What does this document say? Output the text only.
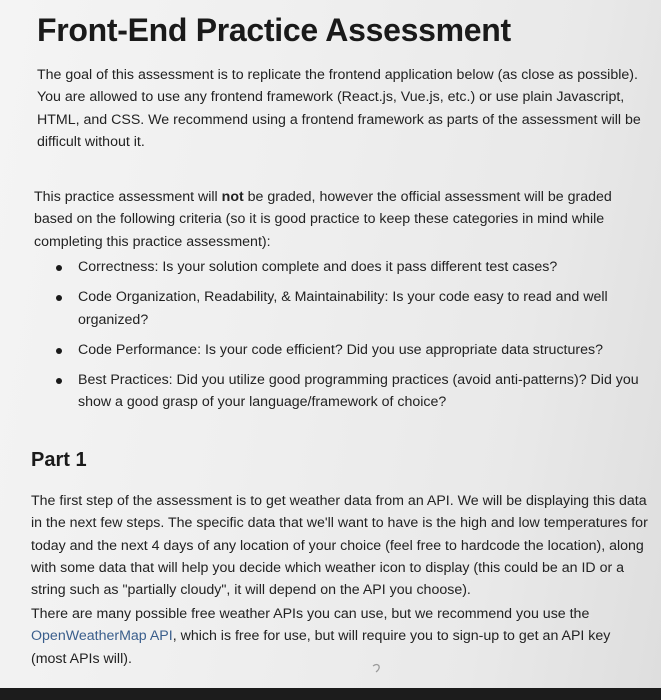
Front-End Practice Assessment

The goal of this assessment is to replicate the frontend application below (as close as possible). You are allowed to use any frontend framework (React.js, Vue.js, etc.) or use plain Javascript, HTML, and CSS. We recommend using a frontend framework as parts of the assessment will be difficult without it.

This practice assessment will not be graded, however the official assessment will be graded based on the following criteria (so it is good practice to keep these categories in mind while completing this practice assessment):

Correctness: Is your solution complete and does it pass different test cases?
Code Organization, Readability, & Maintainability: Is your code easy to read and well organized?
Code Performance: Is your code efficient? Did you use appropriate data structures?
Best Practices: Did you utilize good programming practices (avoid anti-patterns)? Did you show a good grasp of your language/framework of choice?
Part 1

The first step of the assessment is to get weather data from an API. We will be displaying this data in the next few steps. The specific data that we'll want to have is the high and low temperatures for today and the next 4 days of any location of your choice (feel free to hardcode the location), along with some data that will help you decide which weather icon to display (this could be an ID or a string such as "partially cloudy", it will depend on the API you choose).

There are many possible free weather APIs you can use, but we recommend you use the OpenWeatherMap API, which is free for use, but will require you to sign-up to get an API key (most APIs will).
